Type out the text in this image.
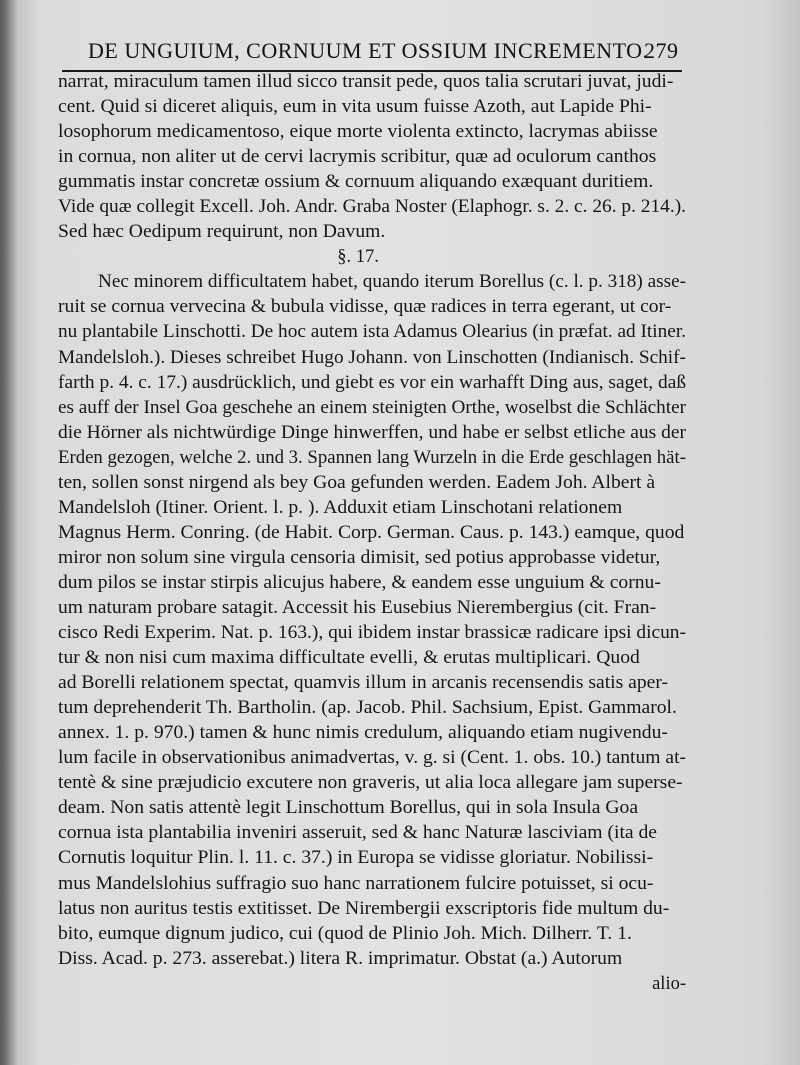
DE UNGUIUM, CORNUUM ET OSSIUM INCREMENTO.
279
narrat, miraculum tamen illud sicco transit pede, quos talia scrutari juvat, judi-
cent. Quid si diceret aliquis, eum in vita usum fuisse Azoth, aut Lapide Phi-
losophorum medicamentoso, eique morte violenta extincto, lacrymas abiisse
in cornua, non aliter ut de cervi lacrymis scribitur, quæ ad oculorum canthos
gummatis instar concretæ ossium & cornuum aliquando exæquant duritiem.
Vide quæ collegit Excell. Joh. Andr. Graba Noster (Elaphogr. s. 2. c. 26. p. 214.).
Sed hæc Oedipum requirunt, non Davum.
§. 17.
Nec minorem difficultatem habet, quando iterum Borellus (c. l. p. 318) asse-
ruit se cornua vervecina & bubula vidisse, quæ radices in terra egerant, ut cor-
nu plantabile Linschotti. De hoc autem ista Adamus Olearius (in præfat. ad Itiner.
Mandelsloh.). Dieses schreibet Hugo Johann. von Linschotten (Indianisch. Schif-
farth p. 4. c. 17.) ausdrücklich, und giebt es vor ein warhafft Ding aus, saget, daß
es auff der Insel Goa geschehe an einem steinigten Orthe, woselbst die Schlächter
die Hörner als nichtwürdige Dinge hinwerffen, und habe er selbst etliche aus der
Erden gezogen, welche 2. und 3. Spannen lang Wurzeln in die Erde geschlagen hät-
ten, sollen sonst nirgend als bey Goa gefunden werden. Eadem Joh. Albert à
Mandelsloh (Itiner. Orient. l. p. ). Adduxit etiam Linschotani relationem
Magnus Herm. Conring. (de Habit. Corp. German. Caus. p. 143.) eamque, quod
miror non solum sine virgula censoria dimisit, sed potius approbasse videtur,
dum pilos se instar stirpis alicujus habere, & eandem esse unguium & cornu-
um naturam probare satagit. Accessit his Eusebius Nierembergius (cit. Fran-
cisco Redi Experim. Nat. p. 163.), qui ibidem instar brassicæ radicare ipsi dicun-
tur & non nisi cum maxima difficultate evelli, & erutas multiplicari. Quod
ad Borelli relationem spectat, quamvis illum in arcanis recensendis satis aper-
tum deprehenderit Th. Bartholin. (ap. Jacob. Phil. Sachsium, Epist. Gammarol.
annex. 1. p. 970.) tamen & hunc nimis credulum, aliquando etiam nugivendu-
lum facile in observationibus animadvertas, v. g. si (Cent. 1. obs. 10.) tantum at-
tentè & sine præjudicio excutere non graveris, ut alia loca allegare jam superse-
deam. Non satis attentè legit Linschottum Borellus, qui in sola Insula Goa
cornua ista plantabilia inveniri asseruit, sed & hanc Naturæ lasciviam (ita de
Cornutis loquitur Plin. l. 11. c. 37.) in Europa se vidisse gloriatur. Nobilissi-
mus Mandelslohius suffragio suo hanc narrationem fulcire potuisset, si ocu-
latus non auritus testis extitisset. De Nirembergii exscriptoris fide multum du-
bito, eumque dignum judico, cui (quod de Plinio Joh. Mich. Dilherr. T. 1.
Diss. Acad. p. 273. asserebat.) litera R. imprimatur. Obstat (a.) Autorum
alio-
